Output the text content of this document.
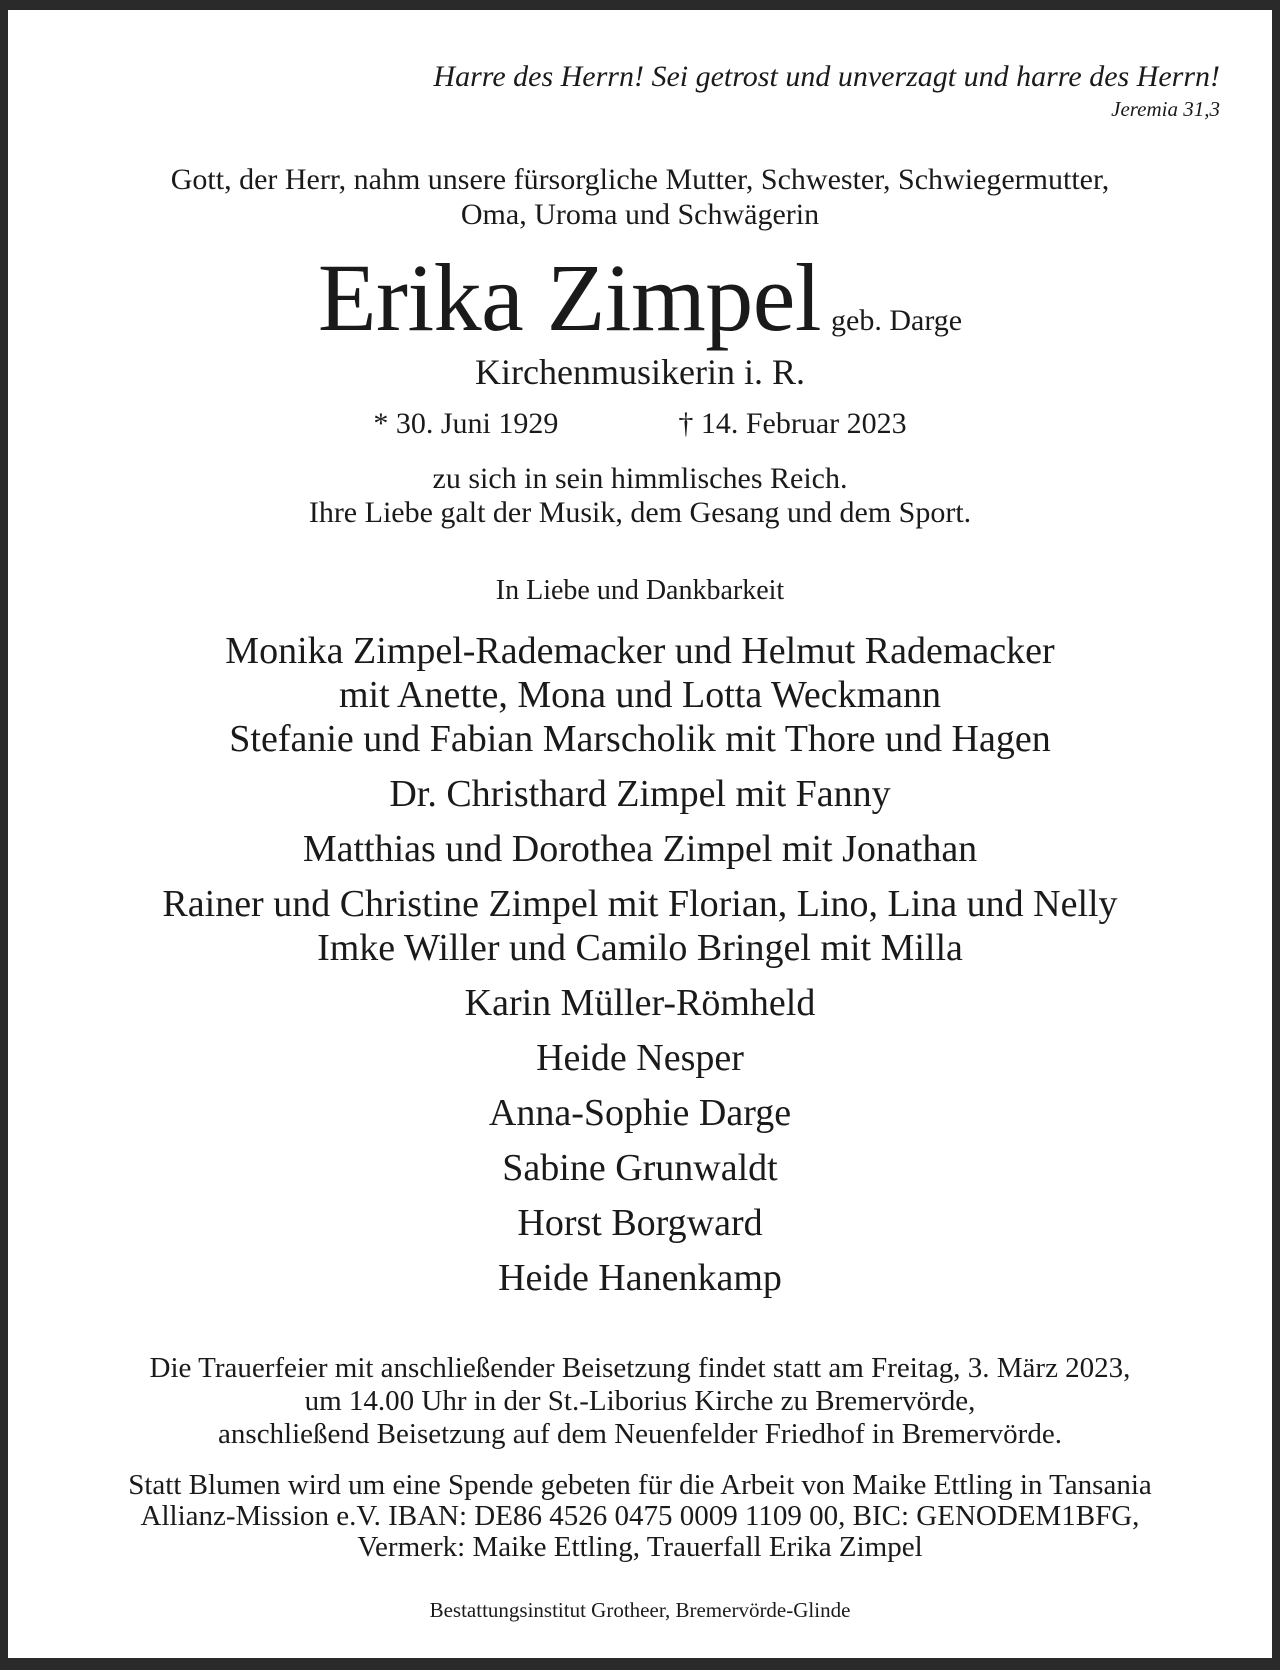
Harre des Herrn! Sei getrost und unverzagt und harre des Herrn!
Jeremia 31,3
Gott, der Herr, nahm unsere fürsorgliche Mutter, Schwester, Schwiegermutter,
Oma, Uroma und Schwägerin
Erika Zimpel geb. Darge
Kirchenmusikerin i. R.
* 30. Juni 1929	† 14. Februar 2023
zu sich in sein himmlisches Reich.
Ihre Liebe galt der Musik, dem Gesang und dem Sport.
In Liebe und Dankbarkeit
Monika Zimpel-Rademacker und Helmut Rademacker
mit Anette, Mona und Lotta Weckmann
Stefanie und Fabian Marscholik mit Thore und Hagen
Dr. Christhard Zimpel mit Fanny
Matthias und Dorothea Zimpel mit Jonathan
Rainer und Christine Zimpel mit Florian, Lino, Lina und Nelly
Imke Willer und Camilo Bringel mit Milla
Karin Müller-Römheld
Heide Nesper
Anna-Sophie Darge
Sabine Grunwaldt
Horst Borgward
Heide Hanenkamp
Die Trauerfeier mit anschließender Beisetzung findet statt am Freitag, 3. März 2023,
um 14.00 Uhr in der St.-Liborius Kirche zu Bremervörde,
anschließend Beisetzung auf dem Neuenfelder Friedhof in Bremervörde.
Statt Blumen wird um eine Spende gebeten für die Arbeit von Maike Ettling in Tansania
Allianz-Mission e.V. IBAN: DE86 4526 0475 0009 1109 00, BIC: GENODEM1BFG,
Vermerk: Maike Ettling, Trauerfall Erika Zimpel
Bestattungsinstitut Grotheer, Bremervörde-Glinde
